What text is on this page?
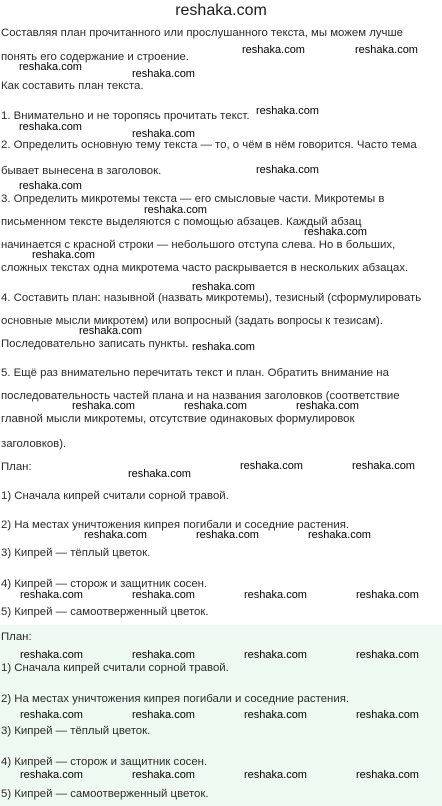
reshaka.com
Составляя план прочитанного или прослушанного текста, мы можем лучше
понять его содержание и строение.
Как составить план текста.
1. Внимательно и не торопясь прочитать текст.
2. Определить основную тему текста — то, о чём в нём говорится. Часто тема
бывает вынесена в заголовок.
3. Определить микротемы текста — его смысловые части. Микротемы в
письменном тексте выделяются с помощью абзацев. Каждый абзац
начинается с красной строки — небольшого отступа слева. Но в больших,
сложных текстах одна микротема часто раскрывается в нескольких абзацах.
4. Составить план: назывной (назвать микротемы), тезисный (сформулировать
основные мысли микротем) или вопросный (задать вопросы к тезисам).
Последовательно записать пункты.
5. Ещё раз внимательно перечитать текст и план. Обратить внимание на
последовательность частей плана и на названия заголовков (соответствие
главной мысли микротемы, отсутствие одинаковых формулировок
заголовков).
План:
1) Сначала кипрей считали сорной травой.
2) На местах уничтожения кипрея погибали и соседние растения.
3) Кипрей — тёплый цветок.
4) Кипрей — сторож и защитник сосен.
5) Кипрей — самоотверженный цветок.
План:
1) Сначала кипрей считали сорной травой.
2) На местах уничтожения кипрея погибали и соседние растения.
3) Кипрей — тёплый цветок.
4) Кипрей — сторож и защитник сосен.
5) Кипрей — самоотверженный цветок.
reshaka.com	reshaka.com
reshaka.com
reshaka.com
reshaka.com
reshaka.com
reshaka.com
reshaka.com
reshaka.com
reshaka.com
reshaka.com
reshaka.com
reshaka.com
reshaka.com
reshaka.com
reshaka.com	reshaka.com	reshaka.com
reshaka.com	reshaka.com
reshaka.com
reshaka.com	reshaka.com	reshaka.com
reshaka.com	reshaka.com	reshaka.com	reshaka.com
reshaka.com	reshaka.com	reshaka.com	reshaka.com
reshaka.com	reshaka.com	reshaka.com	reshaka.com
reshaka.com	reshaka.com	reshaka.com	reshaka.com
